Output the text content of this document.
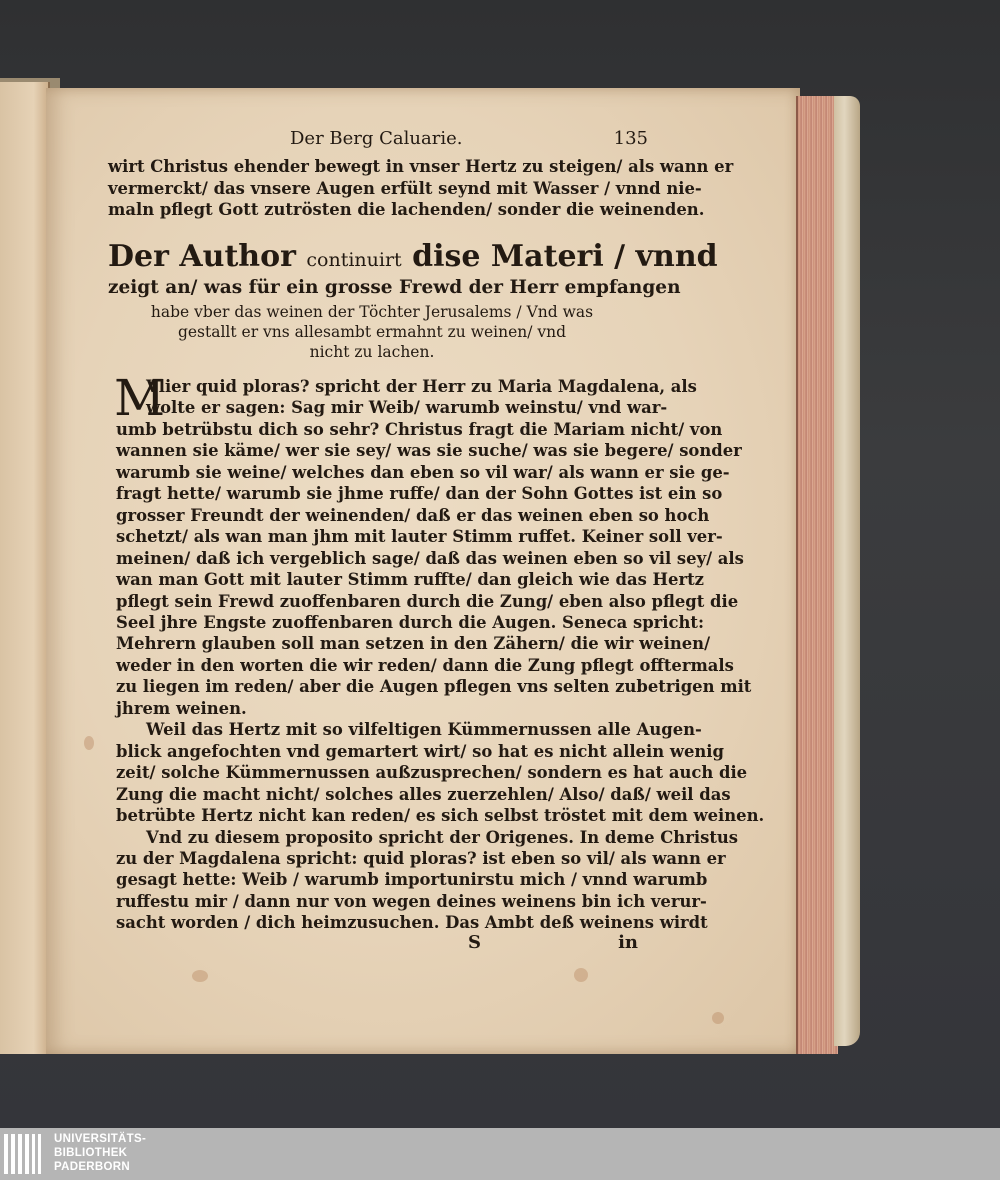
Der Berg Caluarie.	135
wirt Christus ehender bewegt in vnser Hertz zu steigen/ als wann er
vermerckt/ das vnsere Augen erfült seynd mit Wasser / vnnd nie-
maln pflegt Gott zutrösten die lachenden/ sonder die weinenden.
Der Author continuirt dise Materi / vnnd
zeigt an/ was für ein grosse Frewd der Herr empfangen
habe vber das weinen der Töchter Jerusalems / Vnd was
gestallt er vns allesambt ermahnt zu weinen/ vnd
nicht zu lachen.
M
Vlier quid ploras? spricht der Herr zu Maria Magdalena, als
wolte er sagen: Sag mir Weib/ warumb weinstu/ vnd war-
umb betrübstu dich so sehr? Christus fragt die Mariam nicht/ von
wannen sie käme/ wer sie sey/ was sie suche/ was sie begere/ sonder
warumb sie weine/ welches dan eben so vil war/ als wann er sie ge-
fragt hette/ warumb sie jhme ruffe/ dan der Sohn Gottes ist ein so
grosser Freundt der weinenden/ daß er das weinen eben so hoch
schetzt/ als wan man jhm mit lauter Stimm ruffet. Keiner soll ver-
meinen/ daß ich vergeblich sage/ daß das weinen eben so vil sey/ als
wan man Gott mit lauter Stimm ruffte/ dan gleich wie das Hertz
pflegt sein Frewd zuoffenbaren durch die Zung/ eben also pflegt die
Seel jhre Engste zuoffenbaren durch die Augen. Seneca spricht:
Mehrern glauben soll man setzen in den Zähern/ die wir weinen/
weder in den worten die wir reden/ dann die Zung pflegt offtermals
zu liegen im reden/ aber die Augen pflegen vns selten zubetrigen mit
jhrem weinen.
Weil das Hertz mit so vilfeltigen Kümmernussen alle Augen-
blick angefochten vnd gemartert wirt/ so hat es nicht allein wenig
zeit/ solche Kümmernussen außzusprechen/ sondern es hat auch die
Zung die macht nicht/ solches alles zuerzehlen/ Also/ daß/ weil das
betrübte Hertz nicht kan reden/ es sich selbst tröstet mit dem weinen.
Vnd zu diesem proposito spricht der Origenes. In deme Christus
zu der Magdalena spricht: quid ploras? ist eben so vil/ als wann er
gesagt hette: Weib / warumb importunirstu mich / vnnd warumb
ruffestu mir / dann nur von wegen deines weinens bin ich verur-
sacht worden / dich heimzusuchen. Das Ambt deß weinens wirdt
S	in
UNIVERSITÄTS-
BIBLIOTHEK
PADERBORN
